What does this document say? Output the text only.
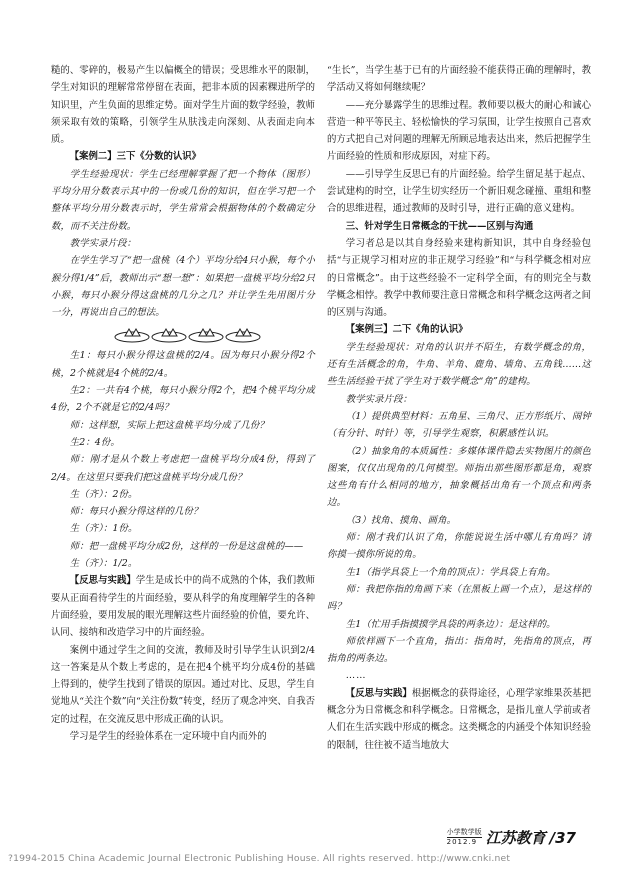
糙的、零碎的，极易产生以偏概全的错误；受思维水平的限制，学生对知识的理解常常停留在表面，把非本质的因素粿进所学的知识里，产生负面的思维定势。面对学生片面的数学经验，教师须采取有效的策略，引领学生从肤浅走向深刻、从表面走向本质。

【案例二】三下《分数的认识》

学生经验现状：学生已经理解掌握了把一个物体（图形）平均分用分数表示其中的一份或几份的知识，但在学习把一个整体平均分用分数表示时，学生常常会根据物体的个数确定分数，而不关注份数。

教学实录片段：

在学生学习了“把一盘桃（4个）平均分给4只小猴，每个小猴分得1/4”后，教师出示“想一想”：如果把一盘桃平均分给2只小猴，每只小猴分得这盘桃的几分之几？并让学生先用图片分一分，再说出自己的想法。

生1：每只小猴分得这盘桃的2/4。因为每只小猴分得2个桃，2个桃就是4个桃的2/4。

生2：一共有4个桃，每只小猴分得2个，把4个桃平均分成4份，2个不就是它的2/4吗？

师：这样想，实际上把这盘桃平均分成了几份？

生2：4份。

师：刚才是从个数上考虑把一盘桃平均分成4份，得到了2/4。在这里只要我们把这盘桃平均分成几份？

生（齐）：2份。

师：每只小猴分得这样的几份？

生（齐）：1份。

师：把一盘桃平均分成2份，这样的一份是这盘桃的——

生（齐）：1/2。

【反思与实践】学生是成长中的尚不成熟的个体，我们教师要从正面看待学生的片面经验，要从科学的角度理解学生的各种片面经验，要用发展的眼光理解这些片面经验的价值，要允许、认同、接纳和改造学习中的片面经验。

案例中通过学生之间的交流，教师及时引导学生认识到2/4这一答案是从个数上考虑的，是在把4个桃平均分成4份的基础上得到的，使学生找到了错误的原因。通过对比、反思，学生自觉地从“关注个数”向“关注份数”转变，经历了观念冲突、自我否定的过程，在交流反思中形成正确的认识。

学习是学生的经验体系在一定环境中自内而外的

“生长”，当学生基于已有的片面经验不能获得正确的理解时，教学活动又将如何继续呢？

——充分暴露学生的思维过程。教师要以极大的耐心和诚心营造一种平等民主、轻松愉快的学习氛围，让学生按照自己喜欢的方式把自己对问题的理解无所顾忌地表达出来，然后把握学生片面经验的性质和形成原因，对症下药。

——引导学生反思已有的片面经验。给学生留足基于起点、尝试建构的时空，让学生切实经历一个新旧观念碰撞、重组和整合的思维进程，通过教师的及时引导，进行正确的意义建构。

三、针对学生日常概念的干扰——区别与沟通

学习者总是以其自身经验来建构新知识，其中自身经验包括“与正规学习相对应的非正规学习经验”和“与科学概念相对应的日常概念”。由于这些经验不一定科学全面，有的则完全与数学概念相悖。教学中教师要注意日常概念和科学概念这两者之间的区别与沟通。

【案例三】二下《角的认识》

学生经验现状：对角的认识并不陌生，有数学概念的角，还有生活概念的角，牛角、羊角、鹿角、墙角、五角钱……这些生活经验干扰了学生对于数学概念“角”的建构。

教学实录片段：

（1）提供典型材料：五角星、三角尺、正方形纸片、闹钟（有分针、时针）等，引导学生观察，积累感性认识。

（2）抽象角的本质属性：多媒体课件隐去实物图片的颜色图案，仅仅出现角的几何模型。师指出那些图形都是角，观察这些角有什么相同的地方，抽象概括出角有一个顶点和两条边。

（3）找角、摸角、画角。

师：刚才我们认识了角，你能说说生活中哪儿有角吗？请你摸一摸你所说的角。

生1（指学具袋上一个角的顶点）：学具袋上有角。

师：我把你指的角画下来（在黑板上画一个点），是这样的吗？

生1（忙用手指摸摸学具袋的两条边）：是这样的。

师依样画下一个直角，指出：指角时，先指角的顶点，再指角的两条边。

……

【反思与实践】根据概念的获得途径，心理学家维果茨基把概念分为日常概念和科学概念。日常概念，是指儿童人学前或者人们在生活实践中形成的概念。这类概念的内涵受个体知识经验的限制，往往被不适当地放大

小学数学版
2012.9 江苏教育 /37
?1994-2015 China Academic Journal Electronic Publishing House. All rights reserved. http://www.cnki.net
